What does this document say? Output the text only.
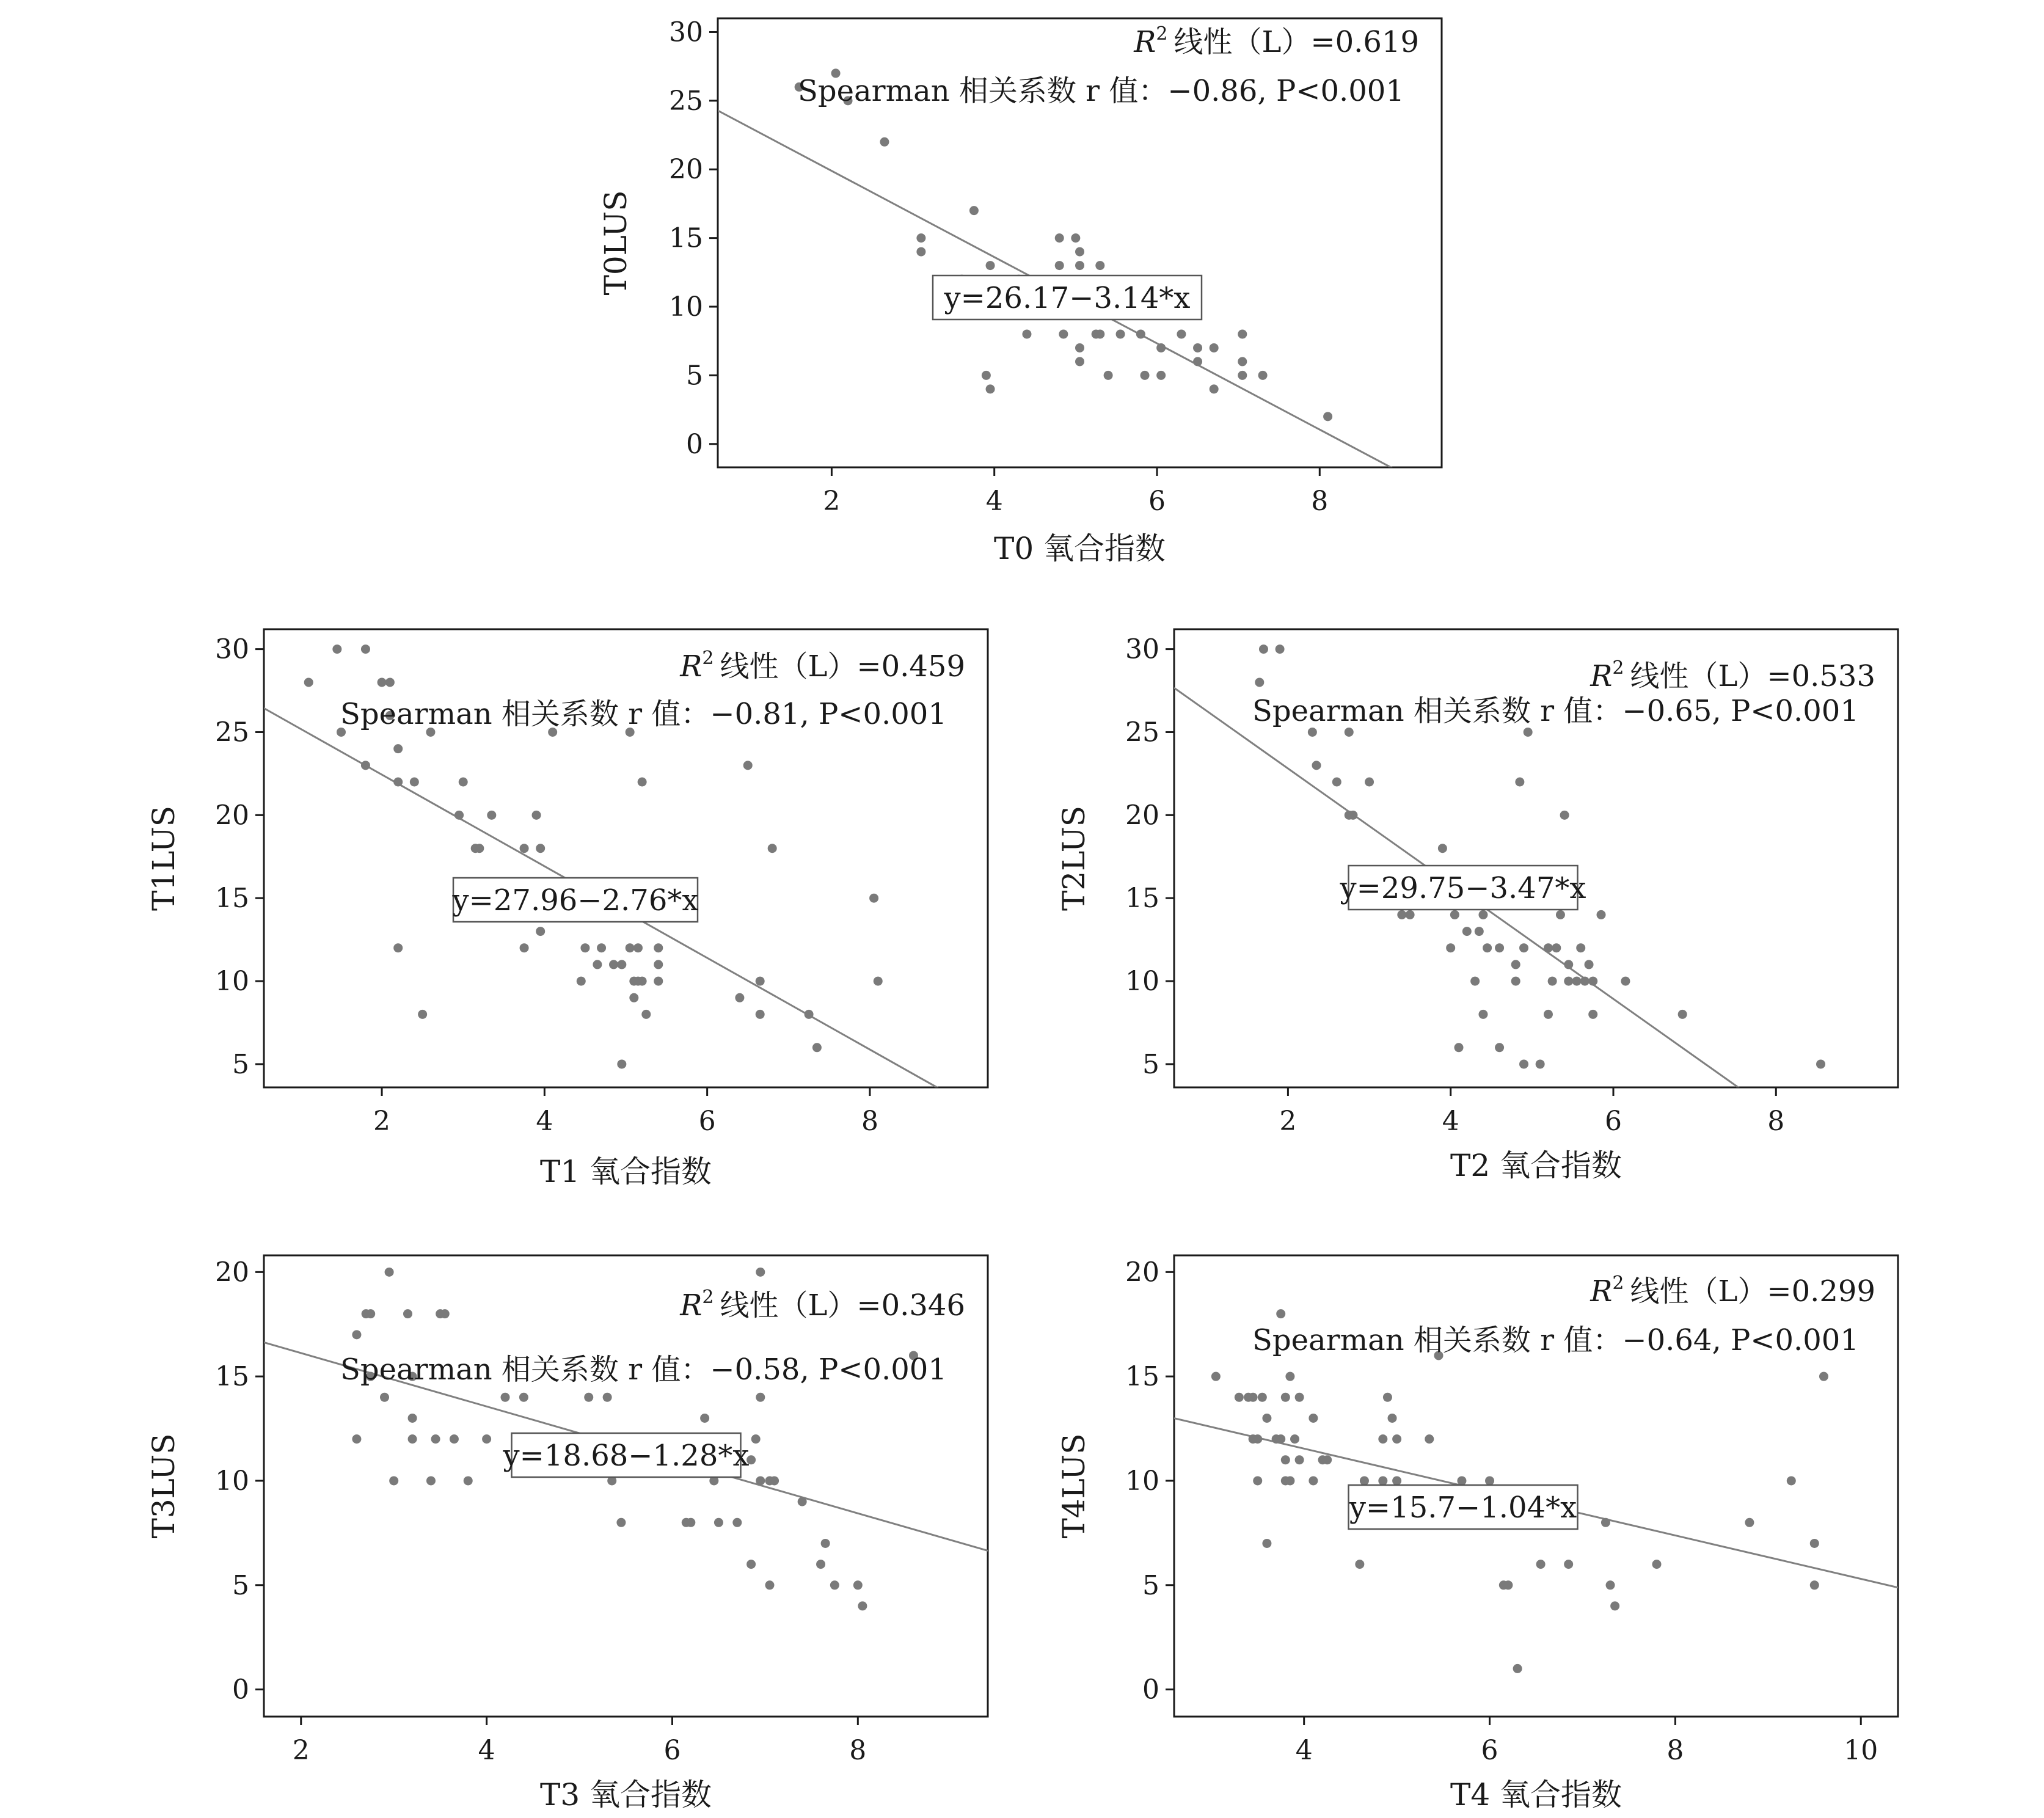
0
5
10
15
20
25
30
2	4	6	8
T0 氧合指数
T0LUS
$R^2$ 线性（L）=0.619
Spearman 相关系数 r 值：−0.86, P<0.001
y=26.17−3.14*x
5
10
15
20
25
30
2	4	6	8
T1 氧合指数
T1LUS
$R^2$ 线性（L）=0.459
Spearman 相关系数 r 值：−0.81, P<0.001
y=27.96−2.76*x
5
10
15
20
25
30
2	4	6	8
T2 氧合指数
T2LUS
$R^2$ 线性（L）=0.533
Spearman 相关系数 r 值：−0.65, P<0.001
y=29.75−3.47*x
0
5
10
15
20
2	4	6	8
T3 氧合指数
T3LUS
$R^2$ 线性（L）=0.346
Spearman 相关系数 r 值：−0.58, P<0.001
y=18.68−1.28*x
0
5
10
15
20
4	6	8	10
T4 氧合指数
T4LUS
$R^2$ 线性（L）=0.299
Spearman 相关系数 r 值：−0.64, P<0.001
y=15.7−1.04*x
